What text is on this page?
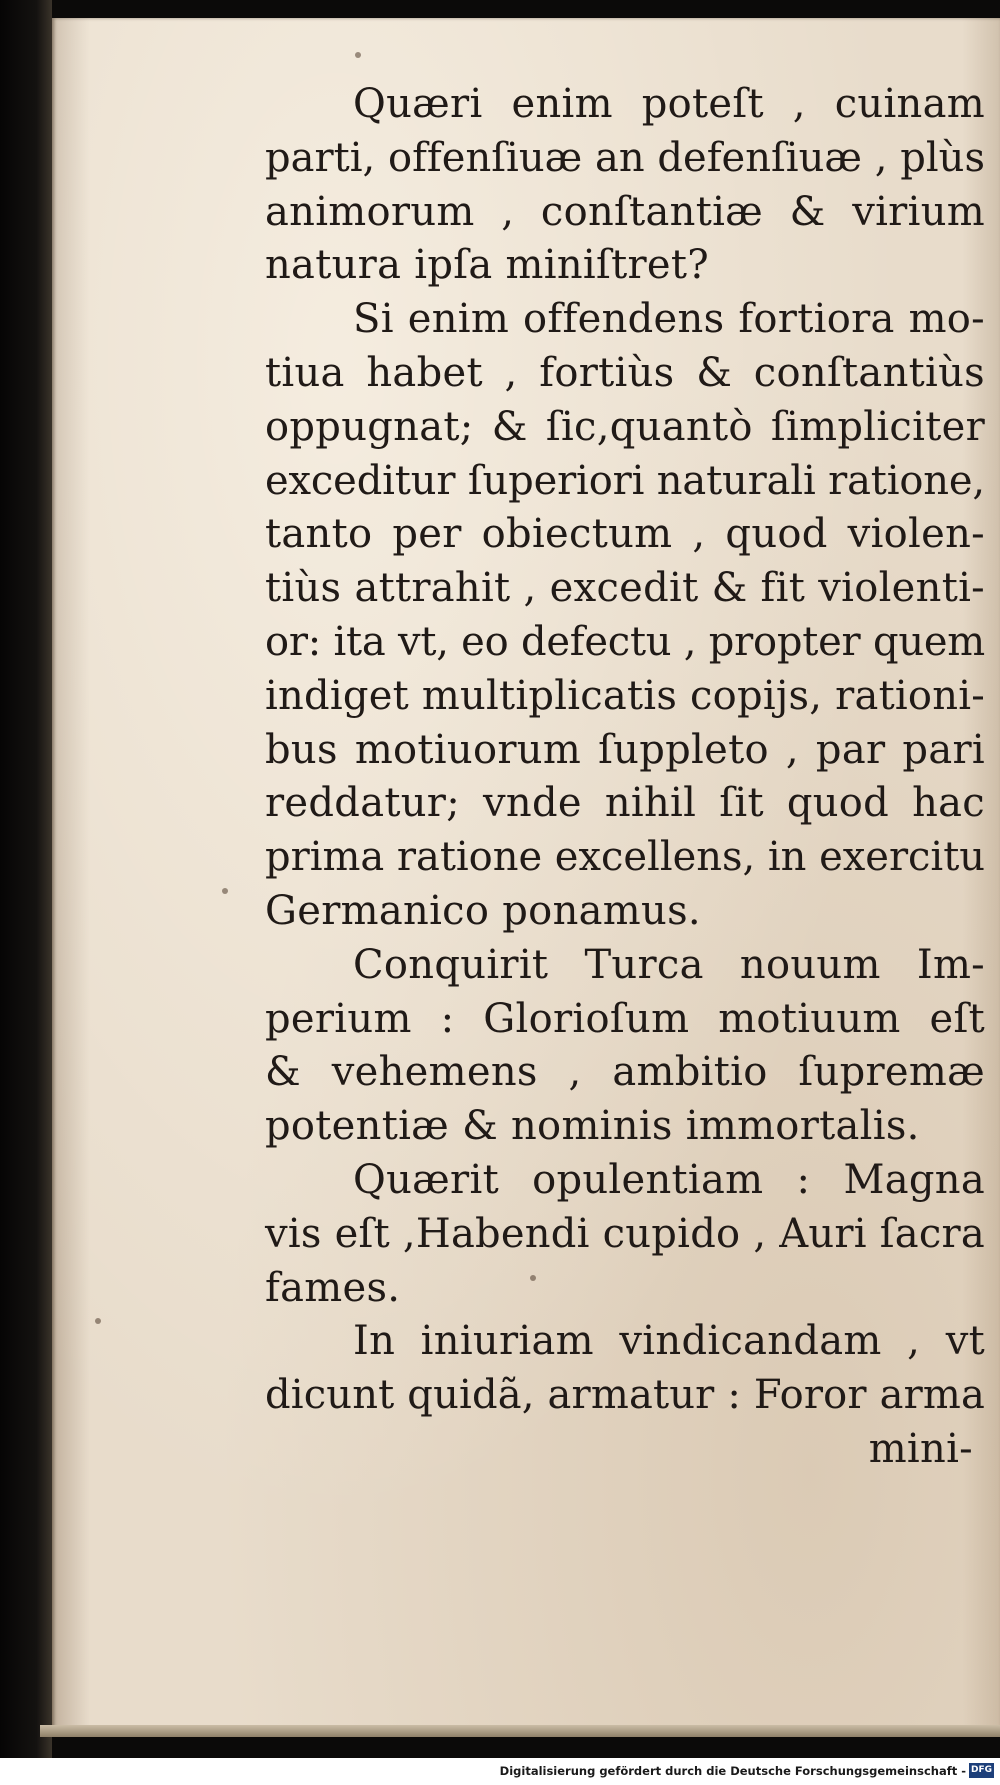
Quæri enim poteſt , cuinam
parti, offenſiuæ an defenſiuæ , plùs
animorum , conſtantiæ & virium
natura ipſa miniſtret?
Si enim offendens fortiora mo-
tiua habet , fortiùs & conſtantiùs
oppugnat; & ſic,quantò ſimpliciter
exceditur ſuperiori naturali ratione,
tanto per obiectum , quod violen-
tiùs attrahit , excedit & fit violenti-
or: ita vt, eo defectu , propter quem
indiget multiplicatis copijs, rationi-
bus motiuorum ſuppleto , par pari
reddatur; vnde nihil ſit quod hac
prima ratione excellens, in exercitu
Germanico ponamus.
Conquirit Turca nouum Im-
perium : Glorioſum motiuum eſt
& vehemens , ambitio ſupremæ
potentiæ & nominis immortalis.
Quærit opulentiam : Magna
vis eſt ,Habendi cupido , Auri ſacra
fames.
In iniuriam vindicandam , vt
dicunt quidã, armatur : Foror arma
mini-
Digitalisierung gefördert durch die Deutsche Forschungsgemeinschaft - DFG
